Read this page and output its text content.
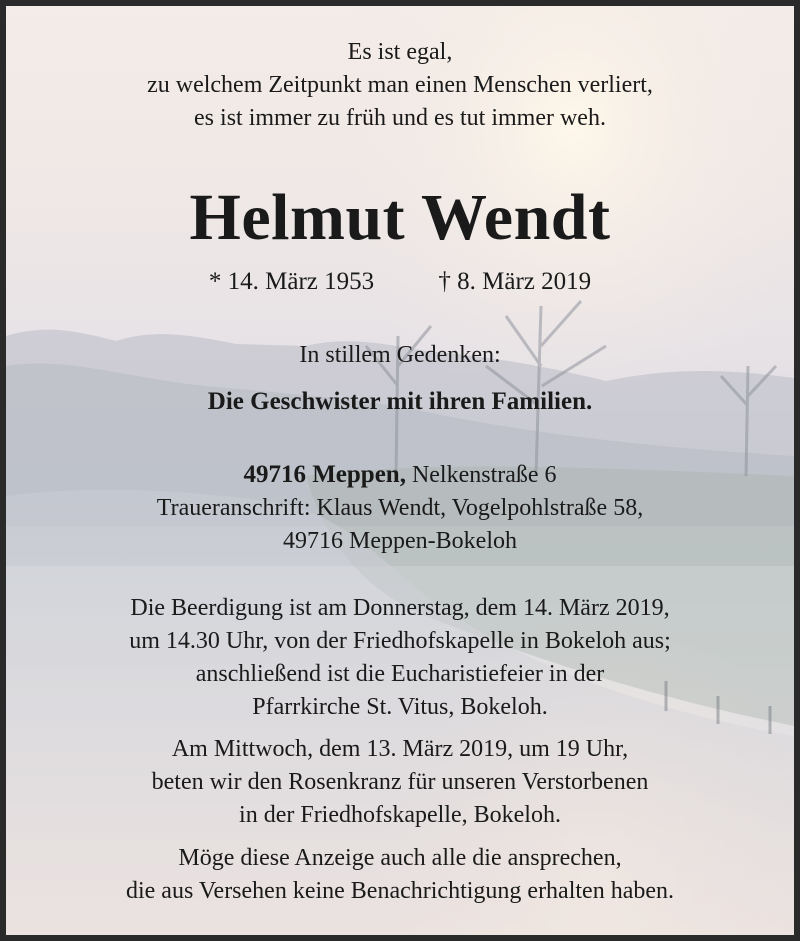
Es ist egal,
zu welchem Zeitpunkt man einen Menschen verliert,
es ist immer zu früh und es tut immer weh.
Helmut Wendt
* 14. März 1953	† 8. März 2019
In stillem Gedenken:
Die Geschwister mit ihren Familien.
49716 Meppen, Nelkenstraße 6
Traueranschrift: Klaus Wendt, Vogelpohlstraße 58,
49716 Meppen-Bokeloh
Die Beerdigung ist am Donnerstag, dem 14. März 2019,
um 14.30 Uhr, von der Friedhofskapelle in Bokeloh aus;
anschließend ist die Eucharistiefeier in der
Pfarrkirche St. Vitus, Bokeloh.
Am Mittwoch, dem 13. März 2019, um 19 Uhr,
beten wir den Rosenkranz für unseren Verstorbenen
in der Friedhofskapelle, Bokeloh.
Möge diese Anzeige auch alle die ansprechen,
die aus Versehen keine Benachrichtigung erhalten haben.
